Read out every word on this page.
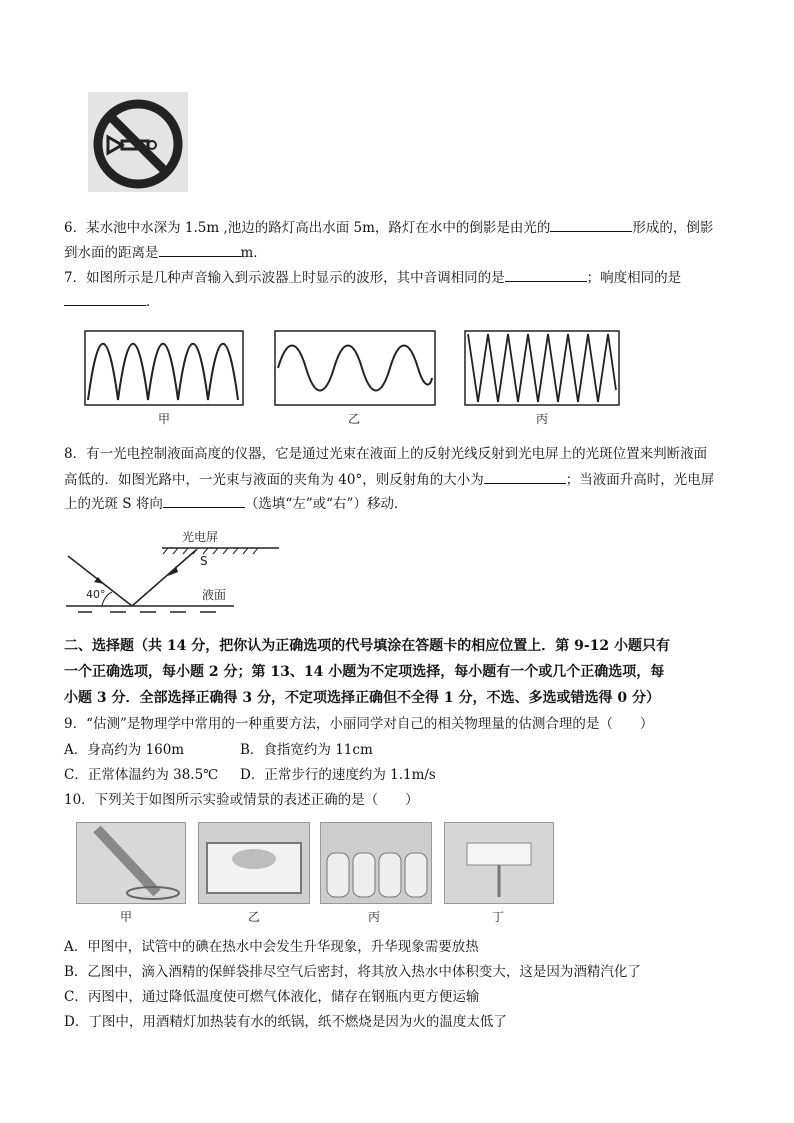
6．某水池中水深为 1.5m ,池边的路灯高出水面 5m，路灯在水中的倒影是由光的	形成的，倒影
到水面的距离是	m．
7．如图所示是几种声音输入到示波器上时显示的波形，其中音调相同的是	；响度相同的是
．
甲	乙	丙
8．有一光电控制液面高度的仪器，它是通过光束在液面上的反射光线反射到光电屏上的光斑位置来判断液面
高低的．如图光路中，一光束与液面的夹角为 40°，则反射角的大小为	；当液面升高时，光电屏
上的光斑 S 将向	（选填“左”或“右”）移动．
光电屏
S
40°	液面
二、选择题（共 14 分，把你认为正确选项的代号填涂在答题卡的相应位置上．第 9-12 小题只有
一个正确选项，每小题 2 分；第 13、14 小题为不定项选择，每小题有一个或几个正确选项，每
小题 3 分．全部选择正确得 3 分，不定项选择正确但不全得 1 分，不选、多选或错选得 0 分）
9．“估测”是物理学中常用的一种重要方法，小丽同学对自己的相关物理量的估测合理的是（　　）
A．身高约为 160m	B．食指宽约为 11cm
C．正常体温约为 38.5℃ D．正常步行的速度约为 1.1m/s
10．下列关于如图所示实验或情景的表述正确的是（　　）
甲	乙	丙	丁
A．甲图中，试管中的碘在热水中会发生升华现象，升华现象需要放热
B．乙图中，滴入酒精的保鲜袋排尽空气后密封，将其放入热水中体积变大，这是因为酒精汽化了
C．丙图中，通过降低温度使可燃气体液化，储存在钢瓶内更方便运输
D．丁图中，用酒精灯加热装有水的纸锅，纸不燃烧是因为火的温度太低了
